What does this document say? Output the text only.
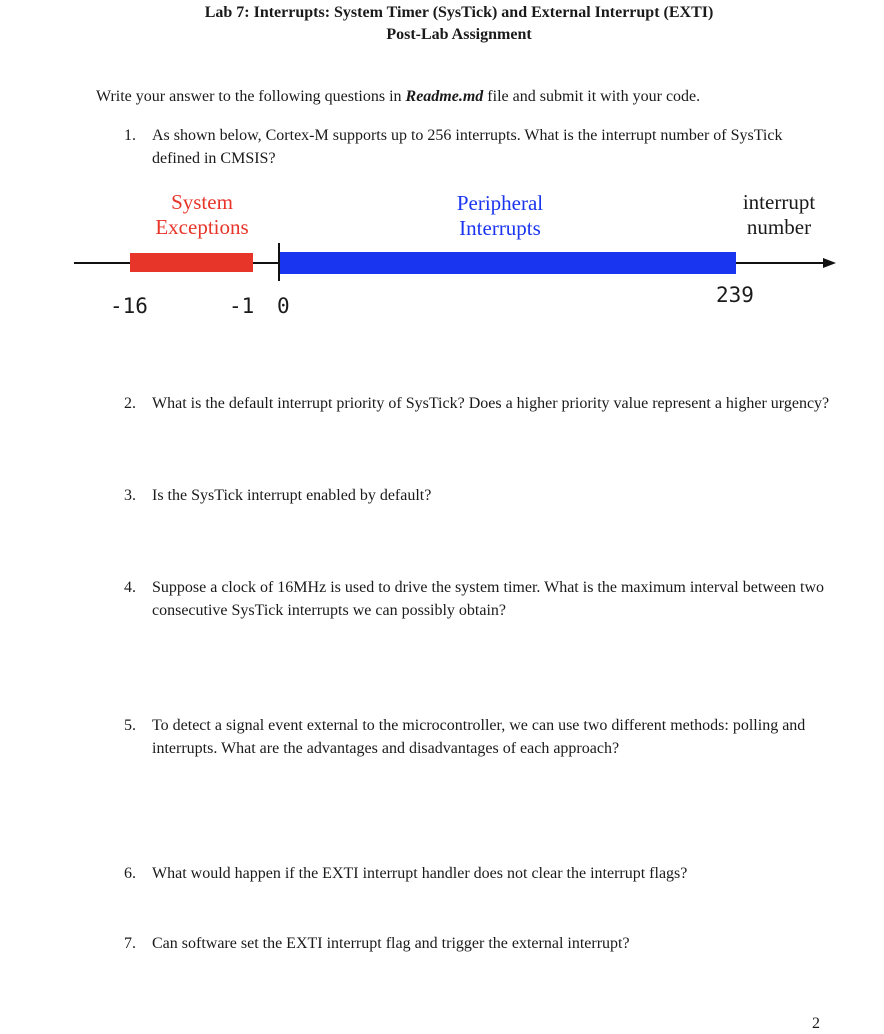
Lab 7: Interrupts: System Timer (SysTick) and External Interrupt (EXTI)
Post-Lab Assignment
Write your answer to the following questions in Readme.md file and submit it with your code.
1. As shown below, Cortex-M supports up to 256 interrupts. What is the interrupt number of SysTick defined in CMSIS?
System
Exceptions
Peripheral
Interrupts
interrupt
number
-16	-1 0	239
2. What is the default interrupt priority of SysTick? Does a higher priority value represent a higher urgency?
3. Is the SysTick interrupt enabled by default?
4. Suppose a clock of 16MHz is used to drive the system timer. What is the maximum interval between two consecutive SysTick interrupts we can possibly obtain?
5. To detect a signal event external to the microcontroller, we can use two different methods: polling and interrupts. What are the advantages and disadvantages of each approach?
6. What would happen if the EXTI interrupt handler does not clear the interrupt flags?
7. Can software set the EXTI interrupt flag and trigger the external interrupt?
2
